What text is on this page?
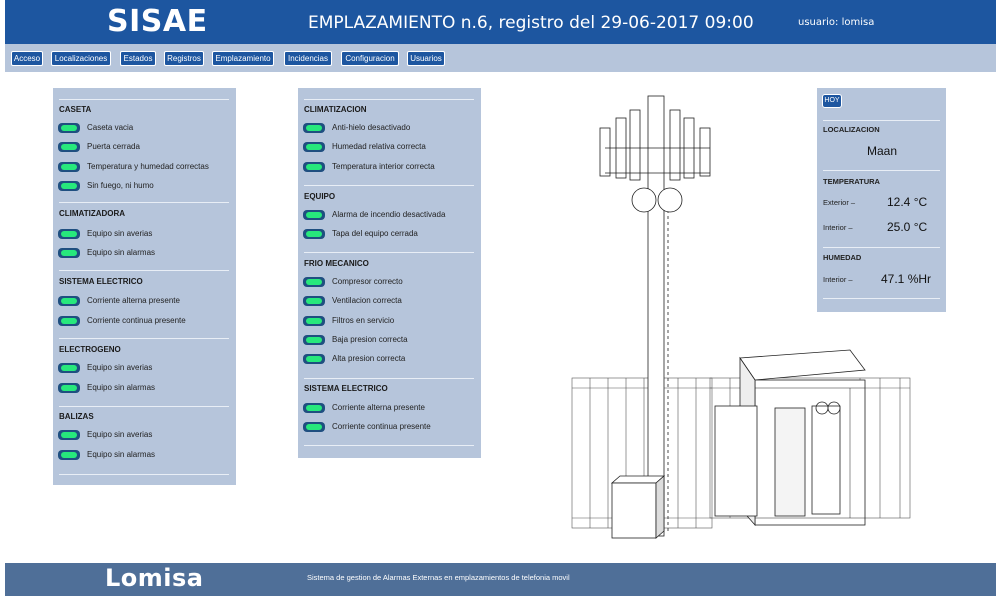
SISAE	EMPLAZAMIENTO n.6, registro del 29-06-2017 09:00	usuario: lomisa
Acceso	Localizaciones	Estados	Registros	Emplazamiento	Incidencias	Configuracion	Usuarios
CASETA
Caseta vacia
Puerta cerrada
Temperatura y humedad correctas
Sin fuego, ni humo
CLIMATIZADORA
Equipo sin averias
Equipo sin alarmas
SISTEMA ELECTRICO
Corriente alterna presente
Corriente continua presente
ELECTROGENO
Equipo sin averias
Equipo sin alarmas
BALIZAS
Equipo sin averias
Equipo sin alarmas
CLIMATIZACION
Anti-hielo desactivado
Humedad relativa correcta
Temperatura interior correcta
EQUIPO
Alarma de incendio desactivada
Tapa del equipo cerrada
FRIO MECANICO
Compresor correcto
Ventilacion correcta
Filtros en servicio
Baja presion correcta
Alta presion correcta
SISTEMA ELECTRICO
Corriente alterna presente
Corriente continua presente
HOY
LOCALIZACION
Maan
TEMPERATURA
Exterior –	12.4 °C
Interior –	25.0 °C
HUMEDAD
Interior – 47.1 %Hr
Lomisa	Sistema de gestion de Alarmas Externas en emplazamientos de telefonia movil
